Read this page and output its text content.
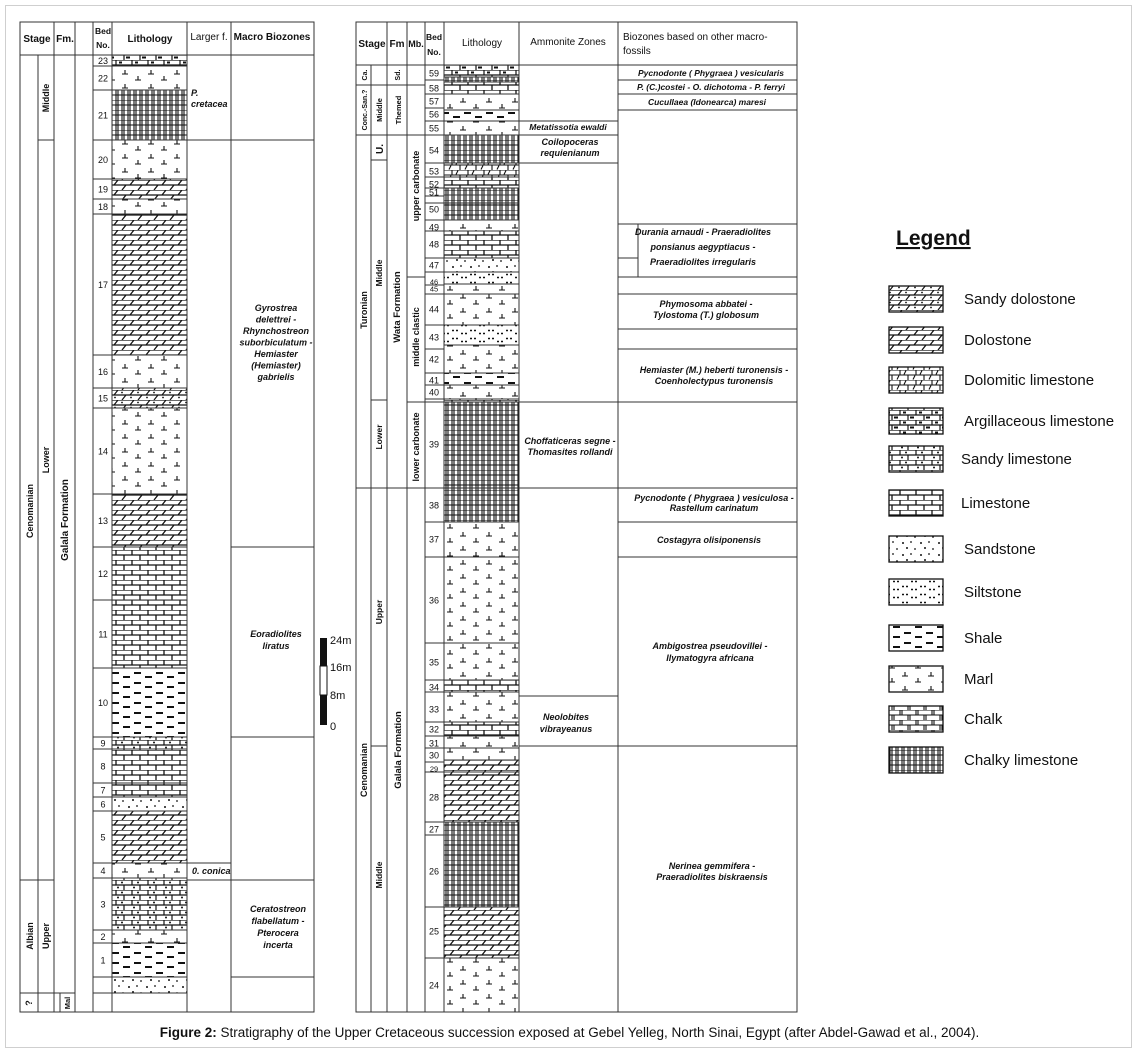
23
22
21
20
19
18
17
16
15
14
13
12
11
10
9
8
7
6
5
4
3
2
1
Stage Fm.
Bed No. Lithology Larger f. Macro Biozones
Cenomanian
Albian
Middle
Lower
Upper
?
Galala Formation
Mal
P. cretacea
0. conica
Gyrostrea delettrei -Rhynchostreon suborbiculatum -Hemiaster (Hemiaster) gabrielis
Eoradiolites liratus
Ceratostreon flabellatum -Pterocera incerta
24m
16m
8m
0
59
58
57
56
55
54
53
52
51
50
49
48
47
46
45
44
43
42
41
40
39
38
37
36
35
34
33
32
31
30
29
28
27
26
25
24
Stage Fm Mb.
Bed No.
Lithology	Ammonite Zones Biozones based on other macro-fossils
Ca.
Conc.-San.? Middle
Turonian
U.
Middle
Lower
Cenomanian
Upper
Middle
Sd.
Themed
Wata Formation
Galala Formation
upper carbonate
middle clastic
lower carbonate
Metatissotia ewaldi
Coilopoceras requienianum
Choffaticeras segne -Thomasites rollandi
Neolobites vibrayeanus
Pycnodonte ( Phygraea ) vesicularis
P. (C.)costei - O. dichotoma - P. ferryi
Cucullaea (Idonearca) maresi
Durania arnaudi - Praeradiolites ponsianus aegyptiacus -Praeradiolites irregularis
Phymosoma abbatei -Tylostoma (T.) globosum
Hemiaster (M.) heberti turonensis -Coenholectypus turonensis
Pycnodonte ( Phygraea ) vesiculosa -Rastellum carinatum
Costagyra olisiponensis
Ambigostrea pseudovillei -Ilymatogyra africana
Nerinea gemmifera -Praeradiolites biskraensis
Legend
Sandy dolostone
Dolostone
Dolomitic limestone
Argillaceous limestone
Sandy limestone
Limestone
Sandstone
Siltstone
Shale
Marl
Chalk
Chalky limestone
Figure 2: Stratigraphy of the Upper Cretaceous succession exposed at Gebel Yelleg, North Sinai, Egypt (after Abdel-Gawad et al., 2004).
